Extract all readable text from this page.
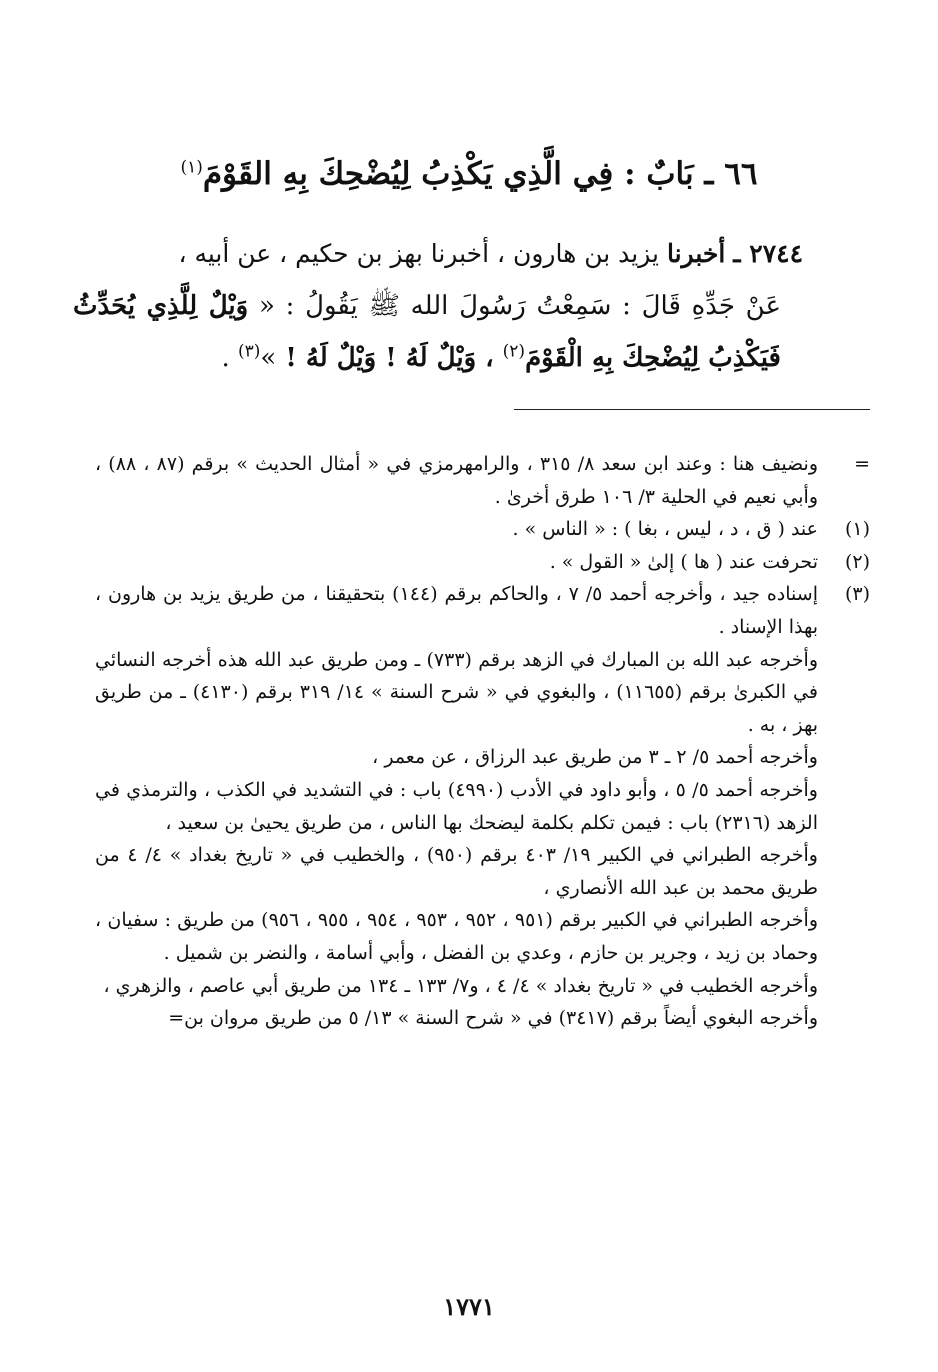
٦٦ ـ بَابٌ : فِي الَّذِي يَكْذِبُ لِيُضْحِكَ بِهِ القَوْمَ$^{(١)}$

٢٧٤٤ ـ أخبرنا يزيد بن هارون ، أخبرنا بهز بن حكيم ، عن أبيه ،

عَنْ جَدِّهِ قَالَ : سَمِعْتُ رَسُولَ الله ﷺ يَقُولُ : « وَيْلٌ لِلَّذِي يُحَدِّثُ فَيَكْذِبُ لِيُضْحِكَ بِهِ الْقَوْمَ$^{(٢)}$ ، وَيْلٌ لَهُ ! وَيْلٌ لَهُ ! »$^{(٣)}$ .

=

ونضيف هنا : وعند ابن سعد ٨/ ٣١٥ ، والرامهرمزي في « أمثال الحديث » برقم (٨٧ ، ٨٨) ، وأبي نعيم في الحلية ٣/ ١٠٦ طرق أخرىٰ .

(١)

عند ( ق ، د ، ليس ، بغا ) : « الناس » .

(٢)

تحرفت عند ( ها ) إلىٰ « القول » .

(٣)

إسناده جيد ، وأخرجه أحمد ٥/ ٧ ، والحاكم برقم (١٤٤) بتحقيقنا ، من طريق يزيد بن هارون ، بهذا الإسناد .

وأخرجه عبد الله بن المبارك في الزهد برقم (٧٣٣) ـ ومن طريق عبد الله هذه أخرجه النسائي في الكبرىٰ برقم (١١٦٥٥) ، والبغوي في « شرح السنة » ١٤/ ٣١٩ برقم (٤١٣٠) ـ من طريق بهز ، به .

وأخرجه أحمد ٥/ ٢ ـ ٣ من طريق عبد الرزاق ، عن معمر ،

وأخرجه أحمد ٥/ ٥ ، وأبو داود في الأدب (٤٩٩٠) باب : في التشديد في الكذب ، والترمذي في الزهد (٢٣١٦) باب : فيمن تكلم بكلمة ليضحك بها الناس ، من طريق يحيىٰ بن سعيد ،

وأخرجه الطبراني في الكبير ١٩/ ٤٠٣ برقم (٩٥٠) ، والخطيب في « تاريخ بغداد » ٤/ ٤ من طريق محمد بن عبد الله الأنصاري ،

وأخرجه الطبراني في الكبير برقم (٩٥١ ، ٩٥٢ ، ٩٥٣ ، ٩٥٤ ، ٩٥٥ ، ٩٥٦) من طريق : سفيان ، وحماد بن زيد ، وجرير بن حازم ، وعدي بن الفضل ، وأبي أسامة ، والنضر بن شميل .

وأخرجه الخطيب في « تاريخ بغداد » ٤/ ٤ ، و٧/ ١٣٣ ـ ١٣٤ من طريق أبي عاصم ، والزهري ،

وأخرجه البغوي أيضاً برقم (٣٤١٧) في « شرح السنة » ١٣/ ٥ من طريق مروان بن=

١٧٧١
